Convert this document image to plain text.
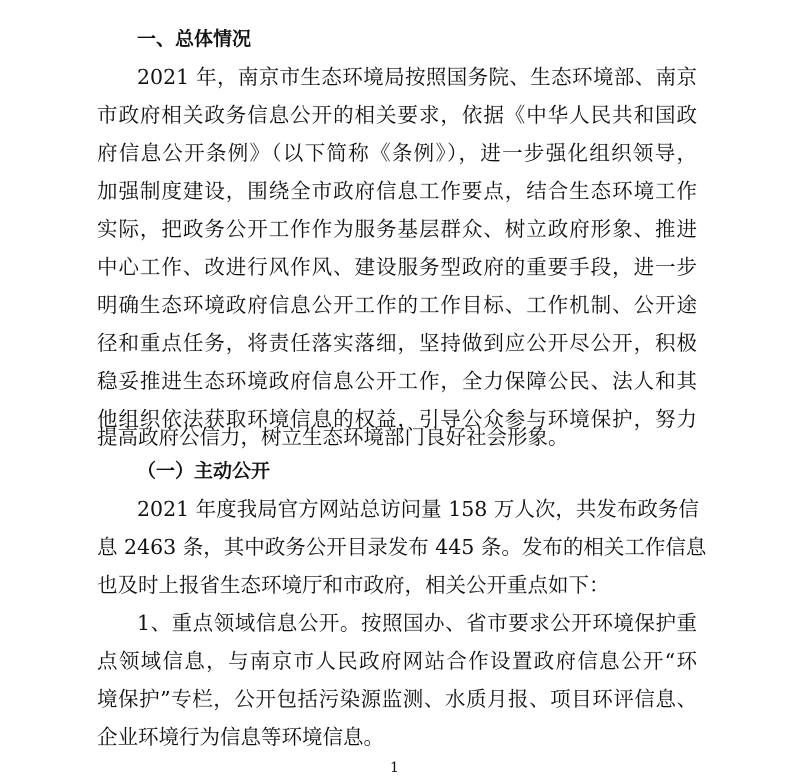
一、总体情况
2021 年，南京市生态环境局按照国务院、生态环境部、南京
市政府相关政务信息公开的相关要求，依据《中华人民共和国政
府信息公开条例》（以下简称《条例》），进一步强化组织领导，
加强制度建设，围绕全市政府信息工作要点，结合生态环境工作
实际，把政务公开工作作为服务基层群众、树立政府形象、推进
中心工作、改进行风作风、建设服务型政府的重要手段，进一步
明确生态环境政府信息公开工作的工作目标、工作机制、公开途
径和重点任务，将责任落实落细，坚持做到应公开尽公开，积极
稳妥推进生态环境政府信息公开工作，全力保障公民、法人和其
他组织依法获取环境信息的权益，引导公众参与环境保护，努力
提高政府公信力，树立生态环境部门良好社会形象。
（一）主动公开
2021 年度我局官方网站总访问量 158 万人次，共发布政务信
息 2463 条，其中政务公开目录发布 445 条。发布的相关工作信息
也及时上报省生态环境厅和市政府，相关公开重点如下：
1、重点领域信息公开。按照国办、省市要求公开环境保护重
点领域信息，与南京市人民政府网站合作设置政府信息公开“环
境保护”专栏，公开包括污染源监测、水质月报、项目环评信息、
企业环境行为信息等环境信息。
1
